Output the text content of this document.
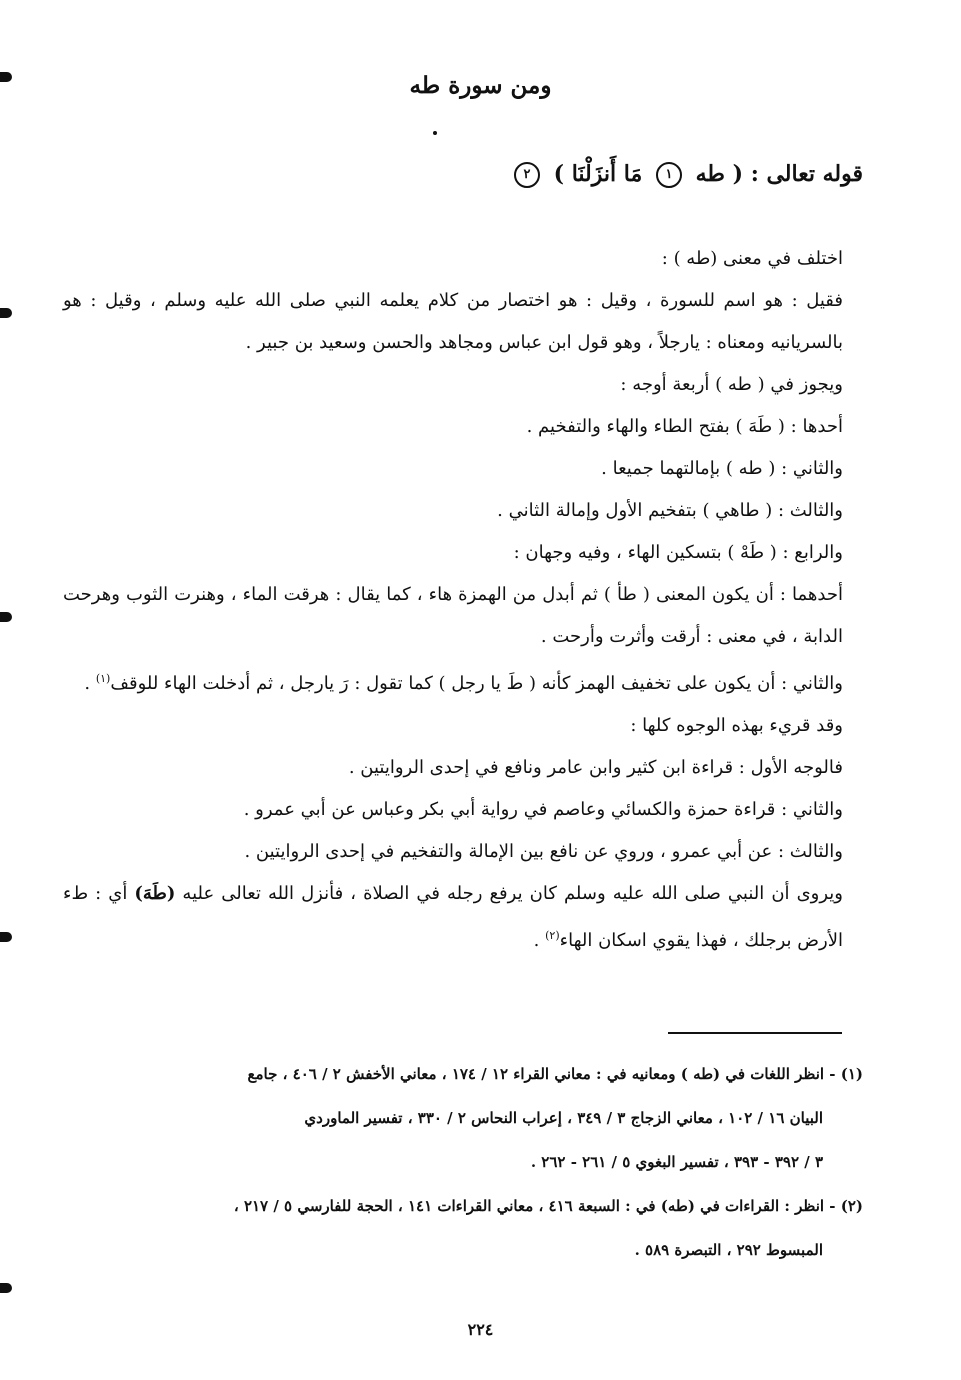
ومن سورة طه
قوله تعالى : ( طه ١ مَا أَنزَلْنَا ) ٢

اختلف في معنى (طه ) :

فقيل : هو اسم للسورة ، وقيل : هو اختصار من كلام يعلمه النبي صلى الله عليه وسلم ، وقيل : هو بالسريانيه ومعناه : يارجلاً ، وهو قول ابن عباس ومجاهد والحسن وسعيد بن جبير .

ويجوز في ( طه ) أربعة أوجه :

أحدها : ( طَهَ ) بفتح الطاء والهاء والتفخيم .

والثاني : ( طه ) بإمالتهما جميعا .

والثالث : ( طاهي ) بتفخيم الأول وإمالة الثاني .

والرابع : ( طَهْ ) بتسكين الهاء ، وفيه وجهان :

أحدهما : أن يكون المعنى ( طأ ) ثم أبدل من الهمزة هاء ، كما يقال : هرقت الماء ، وهنرت الثوب وهرحت الدابة ، في معنى : أرقت وأثرت وأرحت .

والثاني : أن يكون على تخفيف الهمز كأنه ( طَ يا رجل ) كما تقول : رَ يارجل ، ثم أدخلت الهاء للوقف$^{(١)}$ .

وقد قريء بهذه الوجوه كلها :

فالوجه الأول : قراءة ابن كثير وابن عامر ونافع في إحدى الروايتين .

والثاني : قراءة حمزة والكسائي وعاصم في رواية أبي بكر وعباس عن أبي عمرو .

والثالث : عن أبي عمرو ، وروي عن نافع بين الإمالة والتفخيم في إحدى الروايتين .

ويروى أن النبي صلى الله عليه وسلم كان يرفع رجله في الصلاة ، فأنزل الله تعالى عليه (طَهَ) أي : طء الأرض برجلك ، فهذا يقوي اسكان الهاء$^{(٢)}$ .

(١) - انظر اللغات في (طه ) ومعانيه في : معاني القراء ١٢ / ١٧٤ ، معاني الأخفش ٢ / ٤٠٦ ، جامع

البيان ١٦ / ١٠٢ ، معاني الزجاج ٣ / ٣٤٩ ، إعراب النحاس ٢ / ٣٣٠ ، تفسير الماوردي

٣ / ٣٩٢ - ٣٩٣ ، تفسير البغوي ٥ / ٢٦١ - ٢٦٢ .

(٢) - انظر : القراءات في (طه) في : السبعة ٤١٦ ، معاني القراءات ١٤١ ، الحجة للفارسي ٥ / ٢١٧ ،

المبسوط ٢٩٢ ، التبصرة ٥٨٩ .

٢٢٤
